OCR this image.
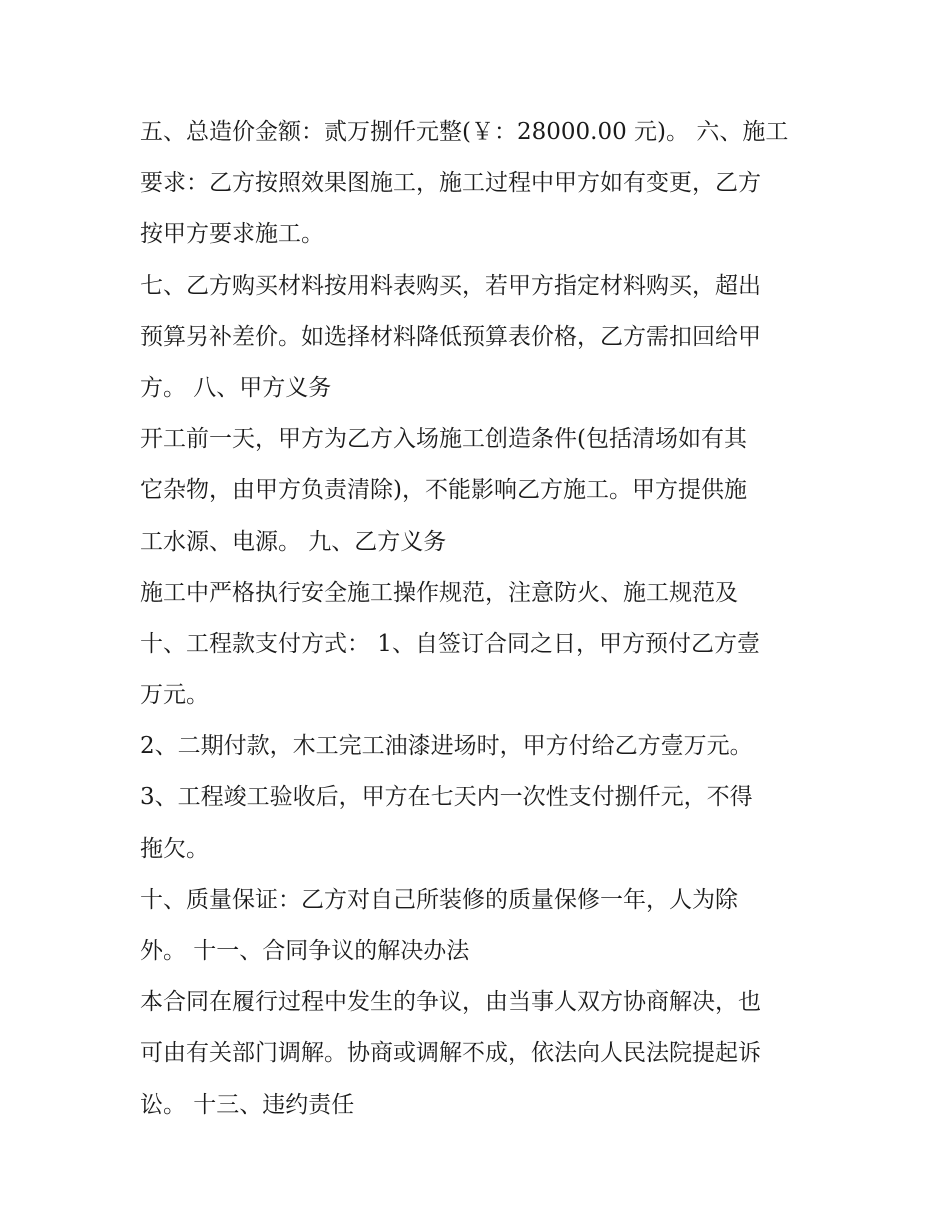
五、总造价金额：贰万捌仟元整(￥：28000.00 元)。 六、施工
要求：乙方按照效果图施工，施工过程中甲方如有变更，乙方
按甲方要求施工。
七、乙方购买材料按用料表购买，若甲方指定材料购买，超出
预算另补差价。如选择材料降低预算表价格，乙方需扣回给甲
方。 八、甲方义务
开工前一天，甲方为乙方入场施工创造条件(包括清场如有其
它杂物，由甲方负责清除)，不能影响乙方施工。甲方提供施
工水源、电源。 九、乙方义务
施工中严格执行安全施工操作规范，注意防火、施工规范及
十、工程款支付方式： 1、自签订合同之日，甲方预付乙方壹
万元。
2、二期付款，木工完工油漆进场时，甲方付给乙方壹万元。
3、工程竣工验收后，甲方在七天内一次性支付捌仟元，不得
拖欠。
十、质量保证：乙方对自己所装修的质量保修一年，人为除
外。 十一、合同争议的解决办法
本合同在履行过程中发生的争议，由当事人双方协商解决，也
可由有关部门调解。协商或调解不成，依法向人民法院提起诉
讼。 十三、违约责任
